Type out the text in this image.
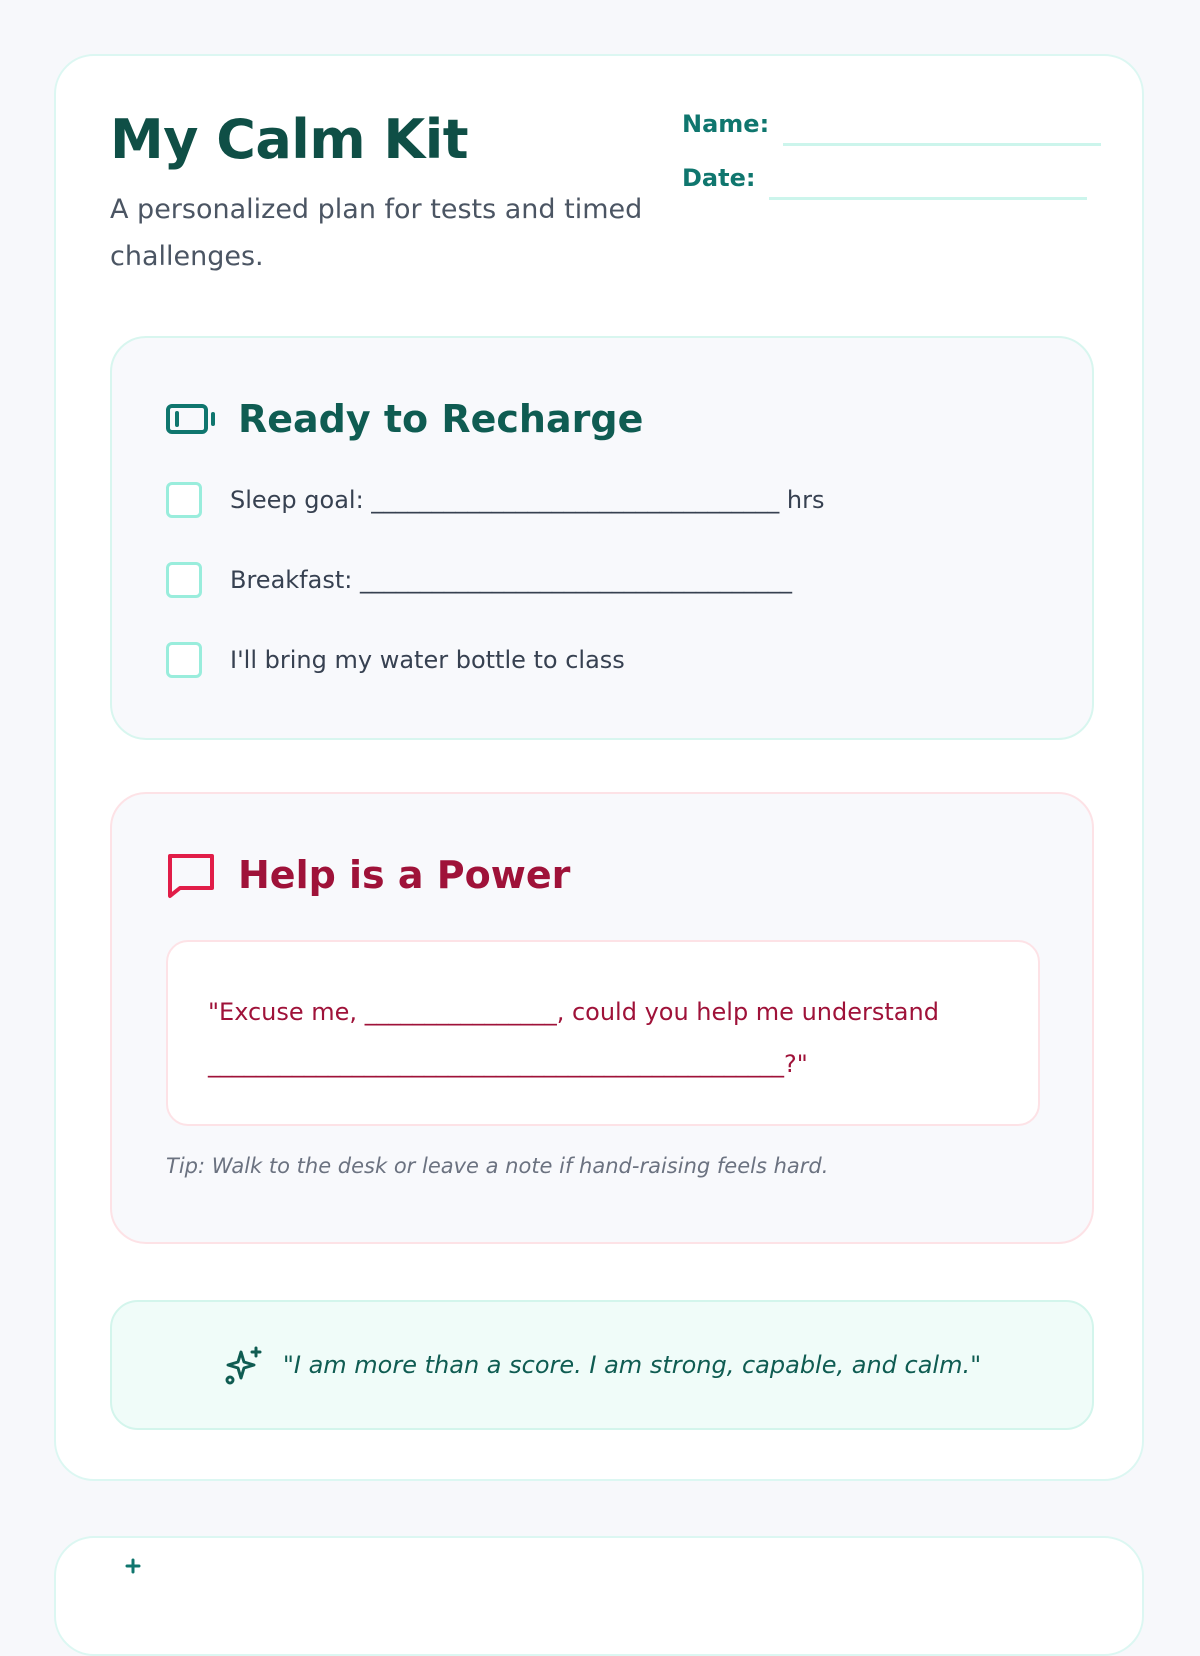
My Calm Kit

A personalized plan for tests and timed challenges.

Name:
Date:
Ready to Recharge
Sleep goal: __________________________________ hrs
Breakfast: ____________________________________
I'll bring my water bottle to class
Help is a Power
"Excuse me, ________________, could you help me understand
________________________________________________?"
Tip: Walk to the desk or leave a note if hand-raising feels hard.
"I am more than a score. I am strong, capable, and calm."
